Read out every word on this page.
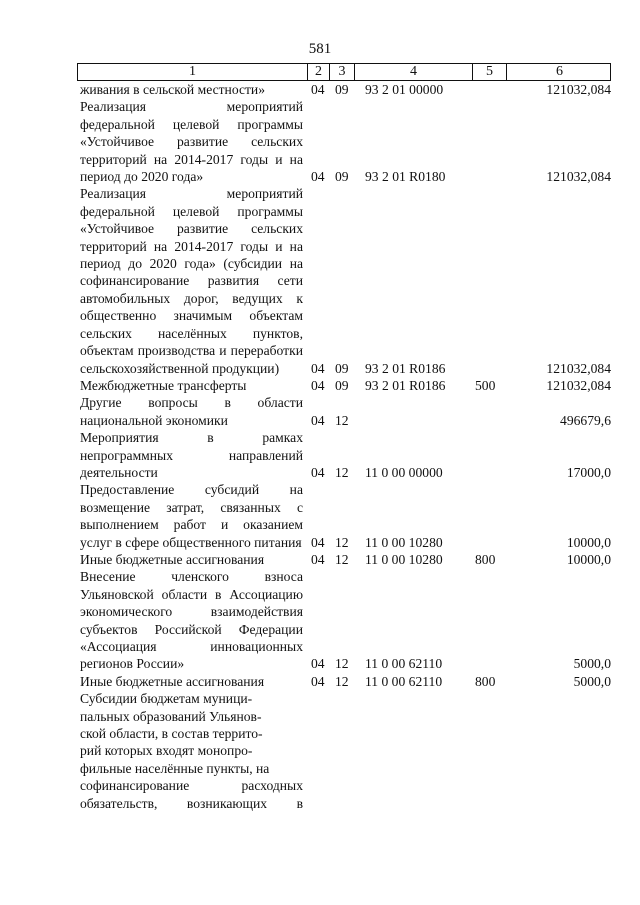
581
1	2	3	4	5	6
живания в сельской местности»	04 09	93 2 01 00000	121032,084
Реализация мероприятий федеральной целевой программы «Устойчивое развитие сельских территорий на 2014-2017 годы и на период до 2020 года»	04 09	93 2 01 R0180	121032,084
Реализация мероприятий федеральной целевой программы «Устойчивое развитие сельских территорий на 2014-2017 годы и на период до 2020 года» (субсидии на софинансирование развития сети автомобильных дорог, ведущих к общественно значимым объектам сельских населённых пунктов, объектам производства и переработки сельскохозяйственной продукции)	04 09	93 2 01 R0186	121032,084
Межбюджетные трансферты	04 09	93 2 01 R0186	500	121032,084
Другие вопросы в области национальной экономики	04 12	496679,6
Мероприятия в рамках непрограммных направлений деятельности	04 12	11 0 00 00000	17000,0
Предоставление субсидий на возмещение затрат, связанных с выполнением работ и оказанием услуг в сфере общественного питания 04 12	11 0 00 10280	10000,0
Иные бюджетные ассигнования	04 12	11 0 00 10280	800	10000,0
Внесение членского взноса Ульяновской области в Ассоциацию экономического взаимодействия субъектов Российской Федерации «Ассоциация инновационных регионов России»	04 12	11 0 00 62110	5000,0
Иные бюджетные ассигнования	04 12	11 0 00 62110	800	5000,0
Субсидии бюджетам муници-
пальных образований Ульянов-
ской области, в состав террито-
рий которых входят монопро-
фильные населённые пункты, на
софинансирование расходных
обязательств, возникающих в
